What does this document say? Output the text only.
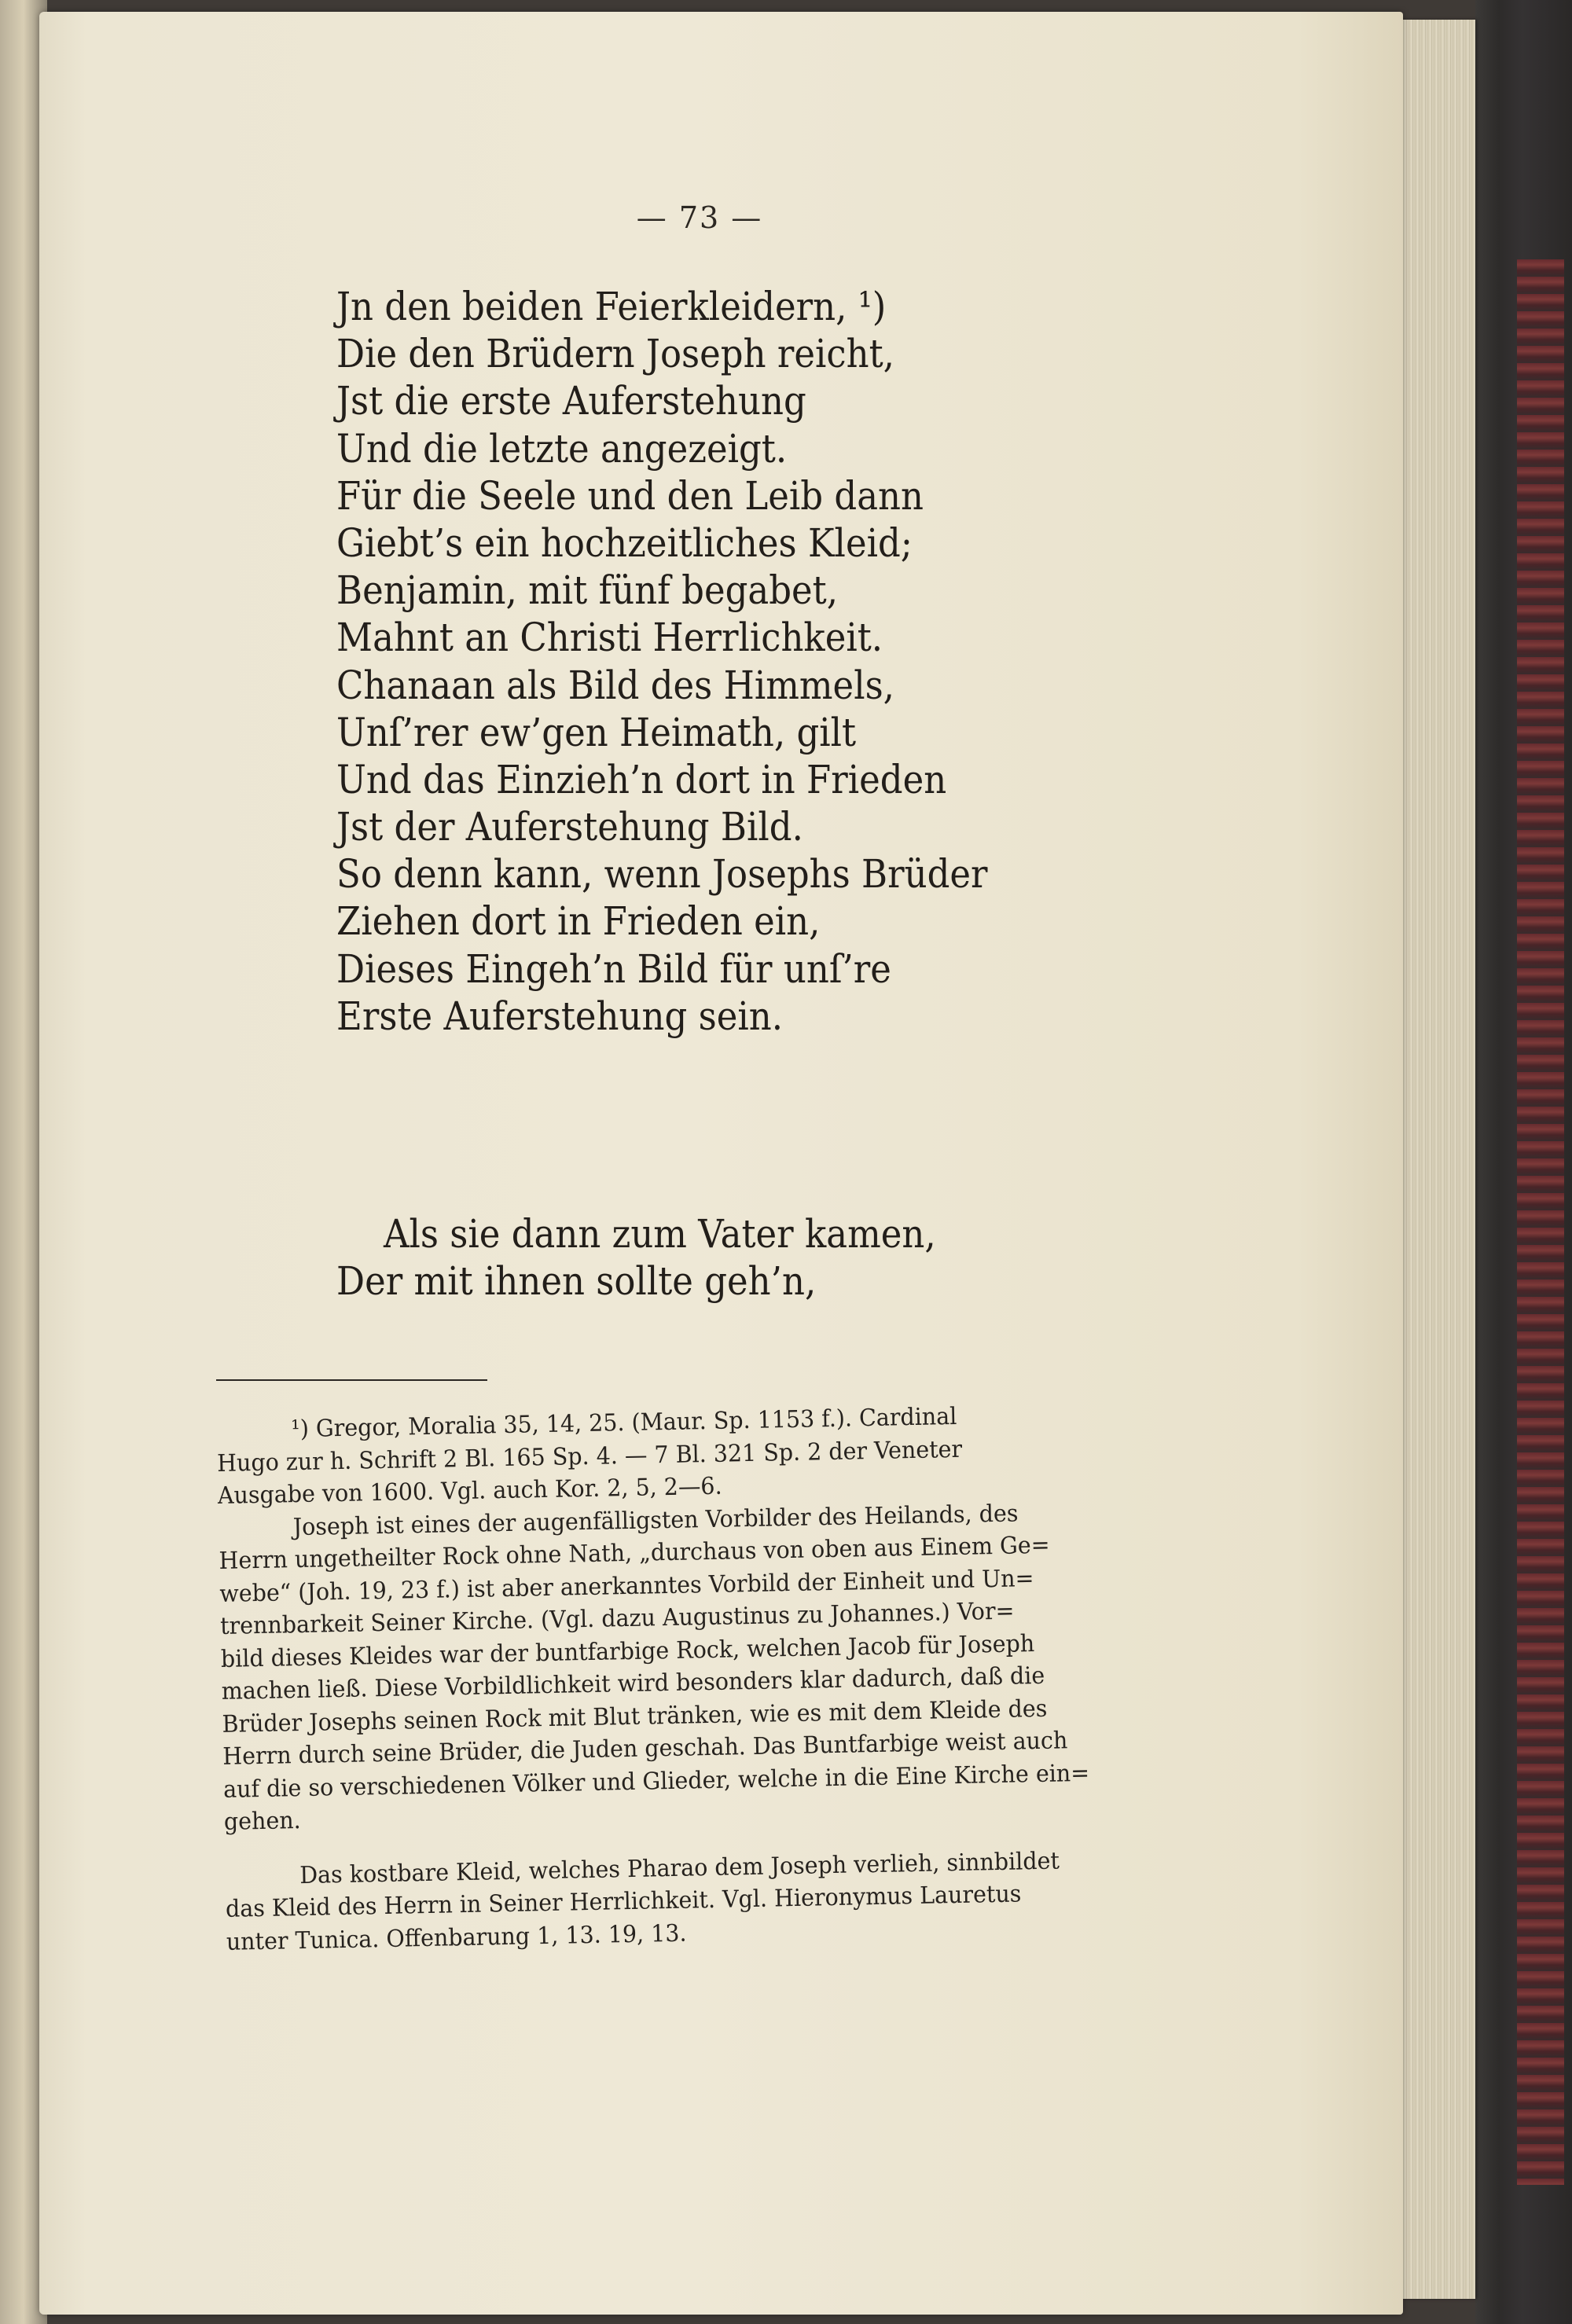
— 73 —
Jn den beiden Feierkleidern, ¹)
Die den Brüdern Joseph reicht,
Jst die erste Auferstehung
Und die letzte angezeigt.
Für die Seele und den Leib dann
Giebt’s ein hochzeitliches Kleid;
Benjamin, mit fünf begabet,
Mahnt an Christi Herrlichkeit.
Chanaan als Bild des Himmels,
Unſ’rer ew’gen Heimath, gilt
Und das Einzieh’n dort in Frieden
Jst der Auferstehung Bild.
So denn kann, wenn Josephs Brüder
Ziehen dort in Frieden ein,
Dieses Eingeh’n Bild für unſ’re
Erste Auferstehung sein.
Als sie dann zum Vater kamen,
Der mit ihnen sollte geh’n,
¹) Gregor, Moralia 35, 14, 25. (Maur. Sp. 1153 f.). Cardinal
Hugo zur h. Schrift 2 Bl. 165 Sp. 4. — 7 Bl. 321 Sp. 2 der Veneter
Ausgabe von 1600. Vgl. auch Kor. 2, 5, 2—6.
Joseph ist eines der augenfälligsten Vorbilder des Heilands, des
Herrn ungetheilter Rock ohne Nath, „durchaus von oben aus Einem Ge=
webe“ (Joh. 19, 23 f.) ist aber anerkanntes Vorbild der Einheit und Un=
trennbarkeit Seiner Kirche. (Vgl. dazu Augustinus zu Johannes.) Vor=
bild dieses Kleides war der buntfarbige Rock, welchen Jacob für Joseph
machen ließ. Diese Vorbildlichkeit wird besonders klar dadurch, daß die
Brüder Josephs seinen Rock mit Blut tränken, wie es mit dem Kleide des
Herrn durch seine Brüder, die Juden geschah. Das Buntfarbige weist auch
auf die so verschiedenen Völker und Glieder, welche in die Eine Kirche ein=
gehen.
Das kostbare Kleid, welches Pharao dem Joseph verlieh, sinnbildet
das Kleid des Herrn in Seiner Herrlichkeit. Vgl. Hieronymus Lauretus
unter Tunica. Offenbarung 1, 13. 19, 13.
